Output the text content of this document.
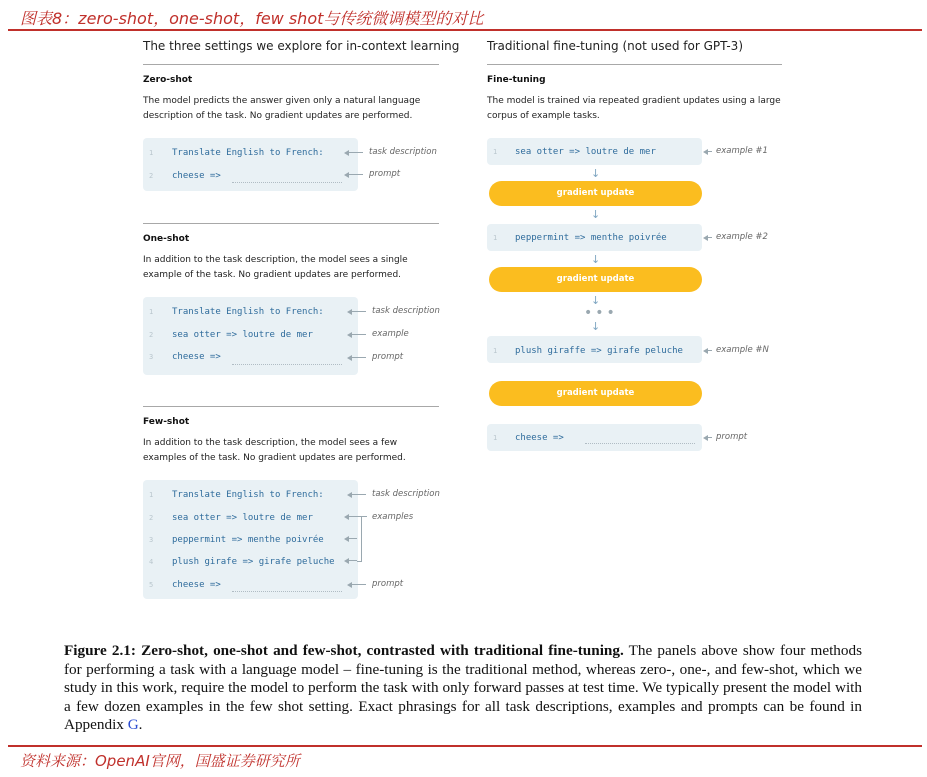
图表8：zero-shot，one-shot，few shot与传统微调模型的对比
The three settings we explore for in-context learning Traditional fine-tuning (not used for GPT-3)
Zero-shot
The model predicts the answer given only a natural language description of the task. No gradient updates are performed.
1 Translate English to French:
2 cheese =>
task description
prompt
One-shot
In addition to the task description, the model sees a single example of the task. No gradient updates are performed.
1 Translate English to French:
2 sea otter => loutre de mer
3 cheese =>
task description
example
prompt
Few-shot
In addition to the task description, the model sees a few examples of the task. No gradient updates are performed.
1 Translate English to French:
2 sea otter => loutre de mer
3 peppermint => menthe poivrée
4 plush girafe => girafe peluche
5 cheese =>
task description
examples
prompt
Fine-tuning
The model is trained via repeated gradient updates using a large corpus of example tasks.
1 sea otter => loutre de mer	example #1
↓
gradient update
↓
1 peppermint => menthe poivrée	example #2
↓
gradient update
↓
•••
↓
1 plush giraffe => girafe peluche	example #N
gradient update
1 cheese =>	prompt
Figure 2.1: Zero-shot, one-shot and few-shot, contrasted with traditional fine-tuning. The panels above show four methods for performing a task with a language model – fine-tuning is the traditional method, whereas zero-, one-, and few-shot, which we study in this work, require the model to perform the task with only forward passes at test time. We typically present the model with a few dozen examples in the few shot setting. Exact phrasings for all task descriptions, examples and prompts can be found in Appendix G.
资料来源：OpenAI官网，国盛证券研究所
